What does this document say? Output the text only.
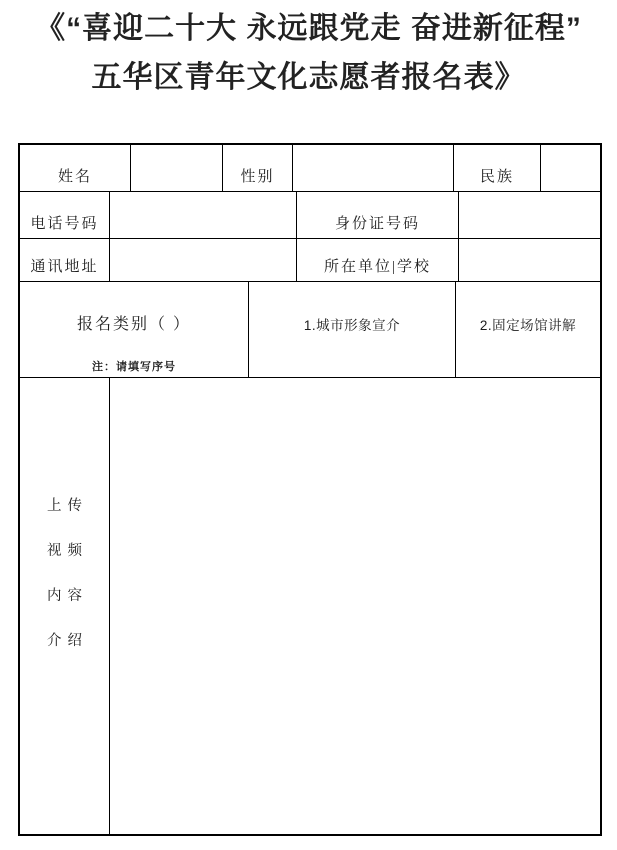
《“喜迎二十大 永远跟党走 奋进新征程”
五华区青年文化志愿者报名表》
姓名	性别	民族
电话号码	身份证号码
通讯地址	所在单位|学校
报名类别（ ）
注：请填写序号
1.城市形象宣介	2.固定场馆讲解
上传
视频
内容
介绍
